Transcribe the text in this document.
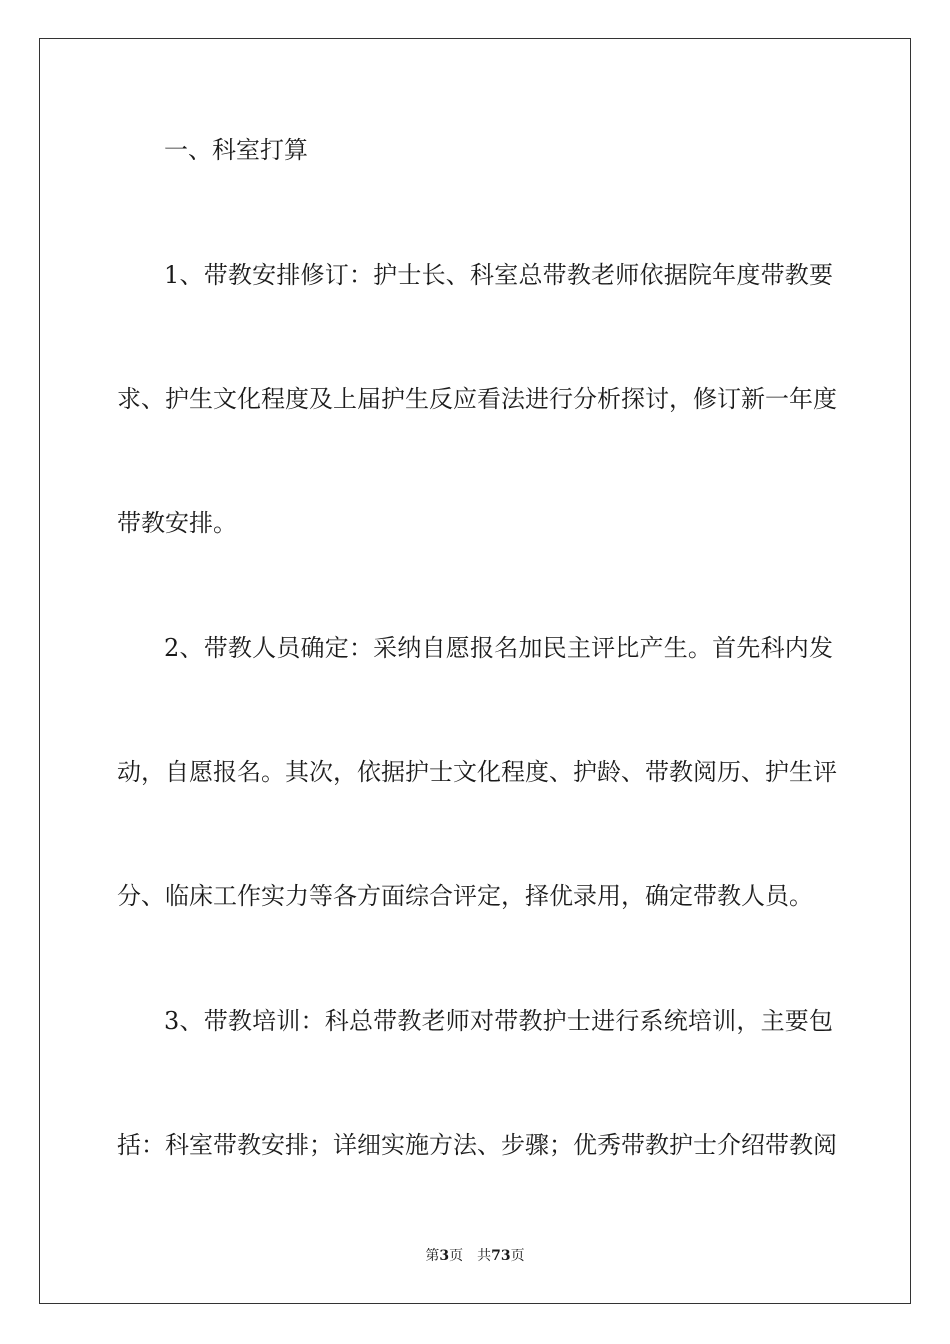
一、科室打算
1、带教安排修订：护士长、科室总带教老师依据院年度带教要
求、护生文化程度及上届护生反应看法进行分析探讨，修订新一年度
带教安排。
2、带教人员确定：采纳自愿报名加民主评比产生。首先科内发
动，自愿报名。其次，依据护士文化程度、护龄、带教阅历、护生评
分、临床工作实力等各方面综合评定，择优录用，确定带教人员。
3、带教培训：科总带教老师对带教护士进行系统培训，主要包
括：科室带教安排；详细实施方法、步骤；优秀带教护士介绍带教阅
第3页 共73页
